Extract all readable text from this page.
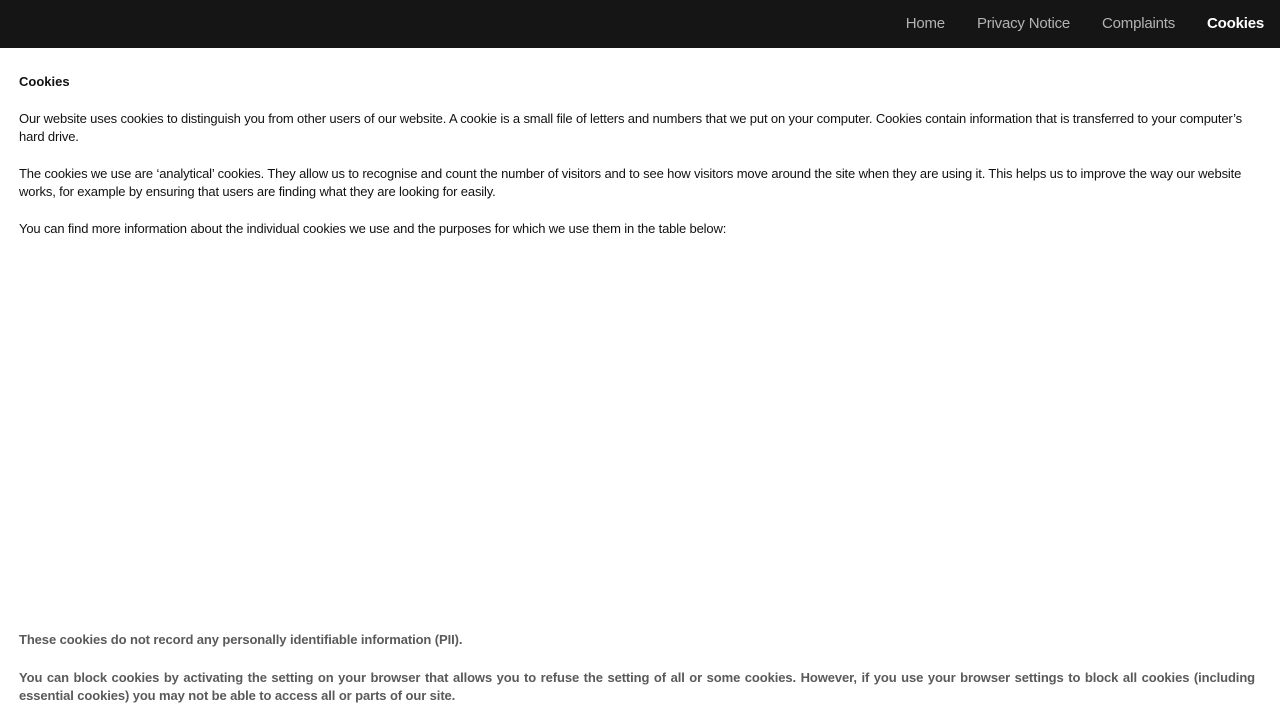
Home	Privacy Notice	Complaints	Cookies
Cookies

Our website uses cookies to distinguish you from other users of our website. A cookie is a small file of letters and numbers that we put on your computer. Cookies contain information that is transferred to your computer’s hard drive.

The cookies we use are ‘analytical’ cookies. They allow us to recognise and count the number of visitors and to see how visitors move around the site when they are using it. This helps us to improve the way our website works, for example by ensuring that users are finding what they are looking for easily.

You can find more information about the individual cookies we use and the purposes for which we use them in the table below:

These cookies do not record any personally identifiable information (PII).

You can block cookies by activating the setting on your browser that allows you to refuse the setting of all or some cookies. However, if you use your browser settings to block all cookies (including essential cookies) you may not be able to access all or parts of our site.
